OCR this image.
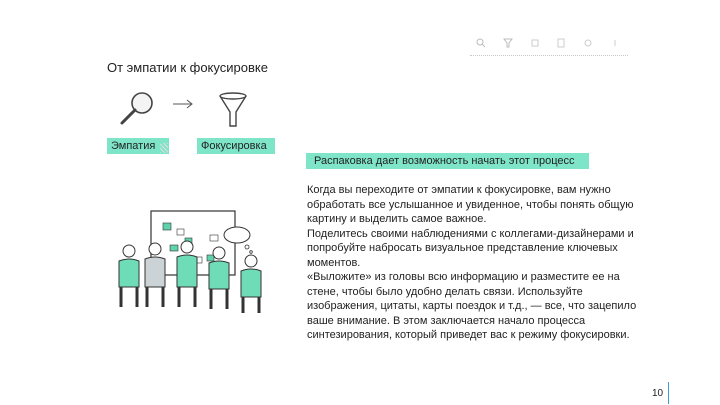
От эмпатии к фокусировке
Эмпатия	Фокусировка
Распаковка дает возможность начать этот процесс

Когда вы переходите от эмпатии к фокусировке, вам нужно обработать все услышанное и увиденное, чтобы понять общую картину и выделить самое важное.

Поделитесь своими наблюдениями с коллегами-дизайнерами и попробуйте набросать визуальное представление ключевых моментов.

«Выложите» из головы всю информацию и разместите ее на стене, чтобы было удобно делать связи. Используйте изображения, цитаты, карты поездок и т.д., — все, что зацепило ваше внимание. В этом заключается начало процесса синтезирования, который приведет вас к режиму фокусировки.

10
